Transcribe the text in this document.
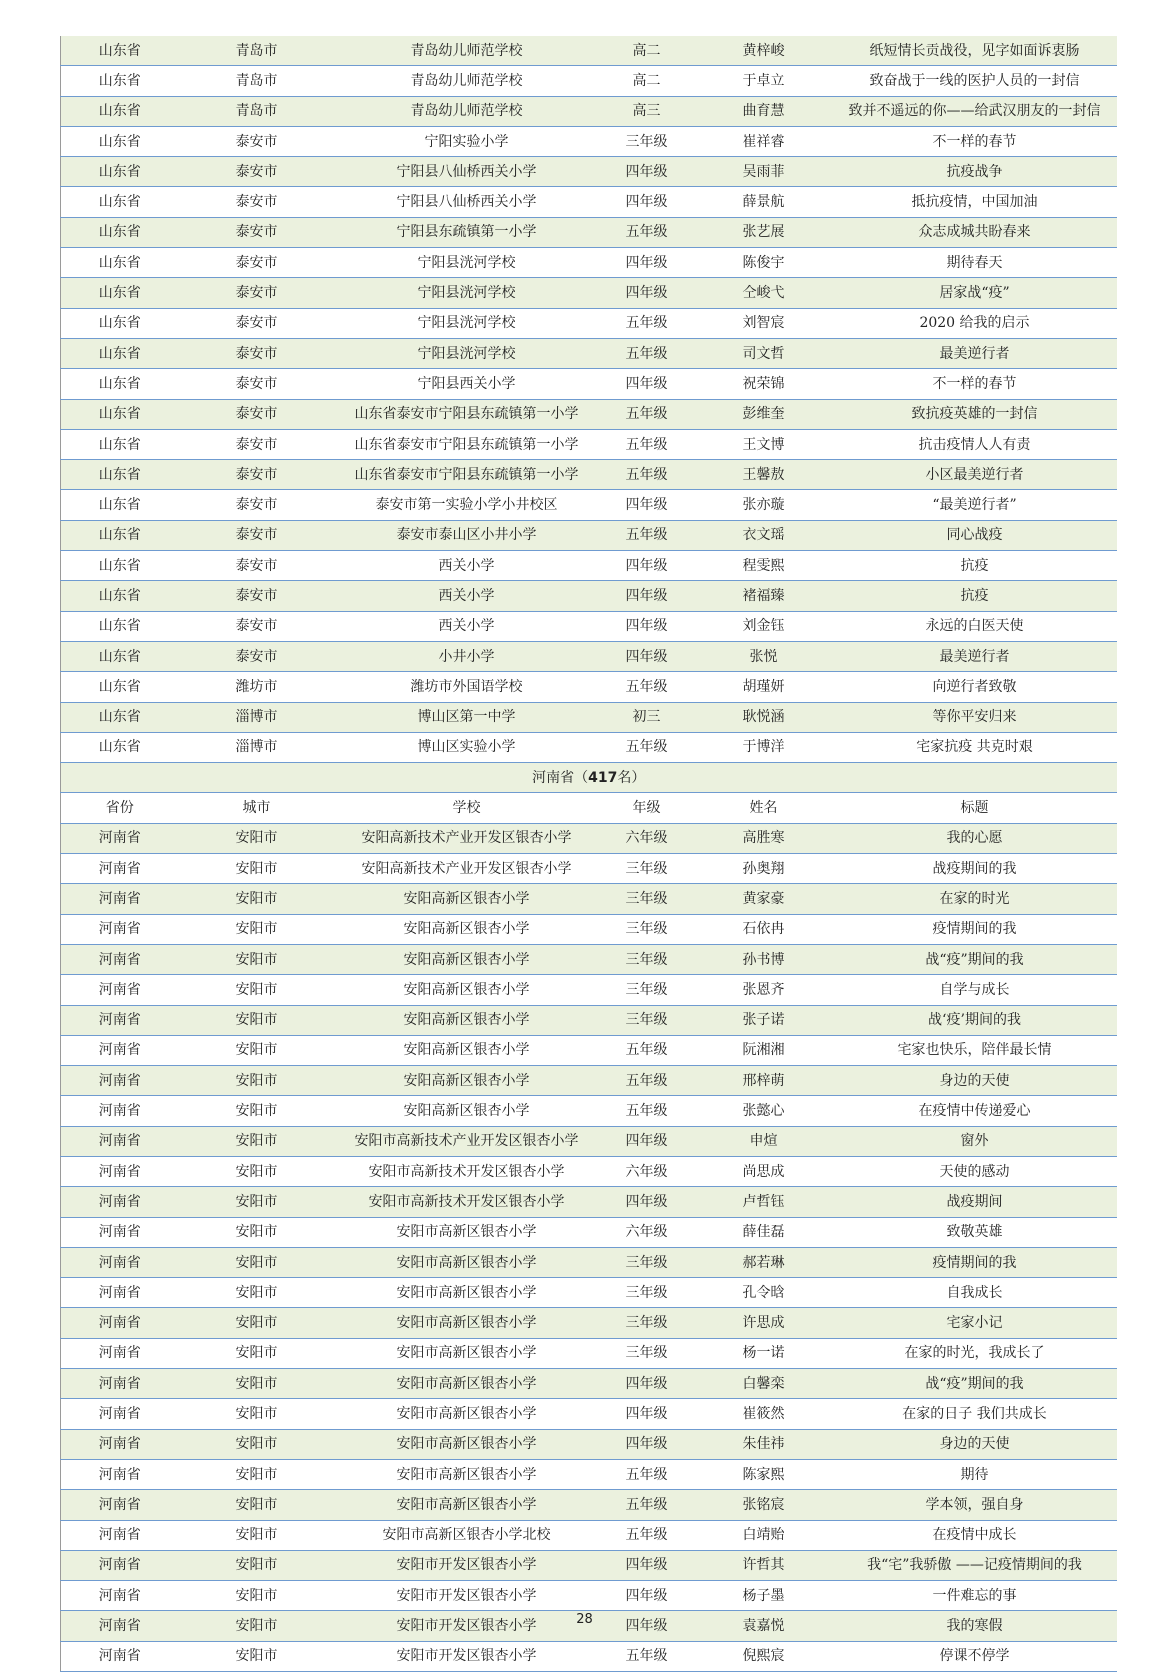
山东省	青岛市	青岛幼儿师范学校	高二	黄梓峻	纸短情长贡战役，见字如面诉衷肠
山东省	青岛市	青岛幼儿师范学校	高二	于卓立	致奋战于一线的医护人员的一封信
山东省	青岛市	青岛幼儿师范学校	高三	曲育慧	致并不遥远的你——给武汉朋友的一封信
山东省	泰安市	宁阳实验小学	三年级	崔祥睿	不一样的春节
山东省	泰安市	宁阳县八仙桥西关小学	四年级	吴雨菲	抗疫战争
山东省	泰安市	宁阳县八仙桥西关小学	四年级	薛景航	抵抗疫情，中国加油
山东省	泰安市	宁阳县东疏镇第一小学	五年级	张艺展	众志成城共盼春来
山东省	泰安市	宁阳县洸河学校	四年级	陈俊宇	期待春天
山东省	泰安市	宁阳县洸河学校	四年级	仝峻弋	居家战“疫”
山东省	泰安市	宁阳县洸河学校	五年级	刘智宸	2020 给我的启示
山东省	泰安市	宁阳县洸河学校	五年级	司文哲	最美逆行者
山东省	泰安市	宁阳县西关小学	四年级	祝荣锦	不一样的春节
山东省	泰安市	山东省泰安市宁阳县东疏镇第一小学	五年级	彭维奎	致抗疫英雄的一封信
山东省	泰安市	山东省泰安市宁阳县东疏镇第一小学	五年级	王文博	抗击疫情人人有责
山东省	泰安市	山东省泰安市宁阳县东疏镇第一小学	五年级	王馨敖	小区最美逆行者
山东省	泰安市	泰安市第一实验小学小井校区	四年级	张亦璇	“最美逆行者”
山东省	泰安市	泰安市泰山区小井小学	五年级	衣文瑶	同心战疫
山东省	泰安市	西关小学	四年级	程雯熙	抗疫
山东省	泰安市	西关小学	四年级	褚福臻	抗疫
山东省	泰安市	西关小学	四年级	刘金钰	永远的白医天使
山东省	泰安市	小井小学	四年级	张悦	最美逆行者
山东省	潍坊市	潍坊市外国语学校	五年级	胡瑾妍	向逆行者致敬
山东省	淄博市	博山区第一中学	初三	耿悦涵	等你平安归来
山东省	淄博市	博山区实验小学	五年级	于博洋	宅家抗疫 共克时艰
河南省（417名）					
省份	城市	学校	年级	姓名	标题
河南省	安阳市	安阳高新技术产业开发区银杏小学	六年级	高胜寒	我的心愿
河南省	安阳市	安阳高新技术产业开发区银杏小学	三年级	孙奥翔	战疫期间的我
河南省	安阳市	安阳高新区银杏小学	三年级	黄家豪	在家的时光
河南省	安阳市	安阳高新区银杏小学	三年级	石依冉	疫情期间的我
河南省	安阳市	安阳高新区银杏小学	三年级	孙书博	战“疫”期间的我
河南省	安阳市	安阳高新区银杏小学	三年级	张恩齐	自学与成长
河南省	安阳市	安阳高新区银杏小学	三年级	张子诺	战‘疫’期间的我
河南省	安阳市	安阳高新区银杏小学	五年级	阮湘湘	宅家也快乐，陪伴最长情
河南省	安阳市	安阳高新区银杏小学	五年级	邢梓萌	身边的天使
河南省	安阳市	安阳高新区银杏小学	五年级	张懿心	在疫情中传递爱心
河南省	安阳市	安阳市高新技术产业开发区银杏小学	四年级	申煊	窗外
河南省	安阳市	安阳市高新技术开发区银杏小学	六年级	尚思成	天使的感动
河南省	安阳市	安阳市高新技术开发区银杏小学	四年级	卢哲钰	战疫期间
河南省	安阳市	安阳市高新区银杏小学	六年级	薛佳磊	致敬英雄
河南省	安阳市	安阳市高新区银杏小学	三年级	郝若琳	疫情期间的我
河南省	安阳市	安阳市高新区银杏小学	三年级	孔令晗	自我成长
河南省	安阳市	安阳市高新区银杏小学	三年级	许思成	宅家小记
河南省	安阳市	安阳市高新区银杏小学	三年级	杨一诺	在家的时光，我成长了
河南省	安阳市	安阳市高新区银杏小学	四年级	白馨栾	战“疫”期间的我
河南省	安阳市	安阳市高新区银杏小学	四年级	崔筱然	在家的日子 我们共成长
河南省	安阳市	安阳市高新区银杏小学	四年级	朱佳祎	身边的天使
河南省	安阳市	安阳市高新区银杏小学	五年级	陈家熙	期待
河南省	安阳市	安阳市高新区银杏小学	五年级	张铭宸	学本领，强自身
河南省	安阳市	安阳市高新区银杏小学北校	五年级	白靖贻	在疫情中成长
河南省	安阳市	安阳市开发区银杏小学	四年级	许哲其	我“宅”我骄傲 ——记疫情期间的我
河南省	安阳市	安阳市开发区银杏小学	四年级	杨子墨	一件难忘的事
河南省	安阳市	安阳市开发区银杏小学	四年级	袁嘉悦	我的寒假
河南省	安阳市	安阳市开发区银杏小学	五年级	倪熙宸	停课不停学
28
